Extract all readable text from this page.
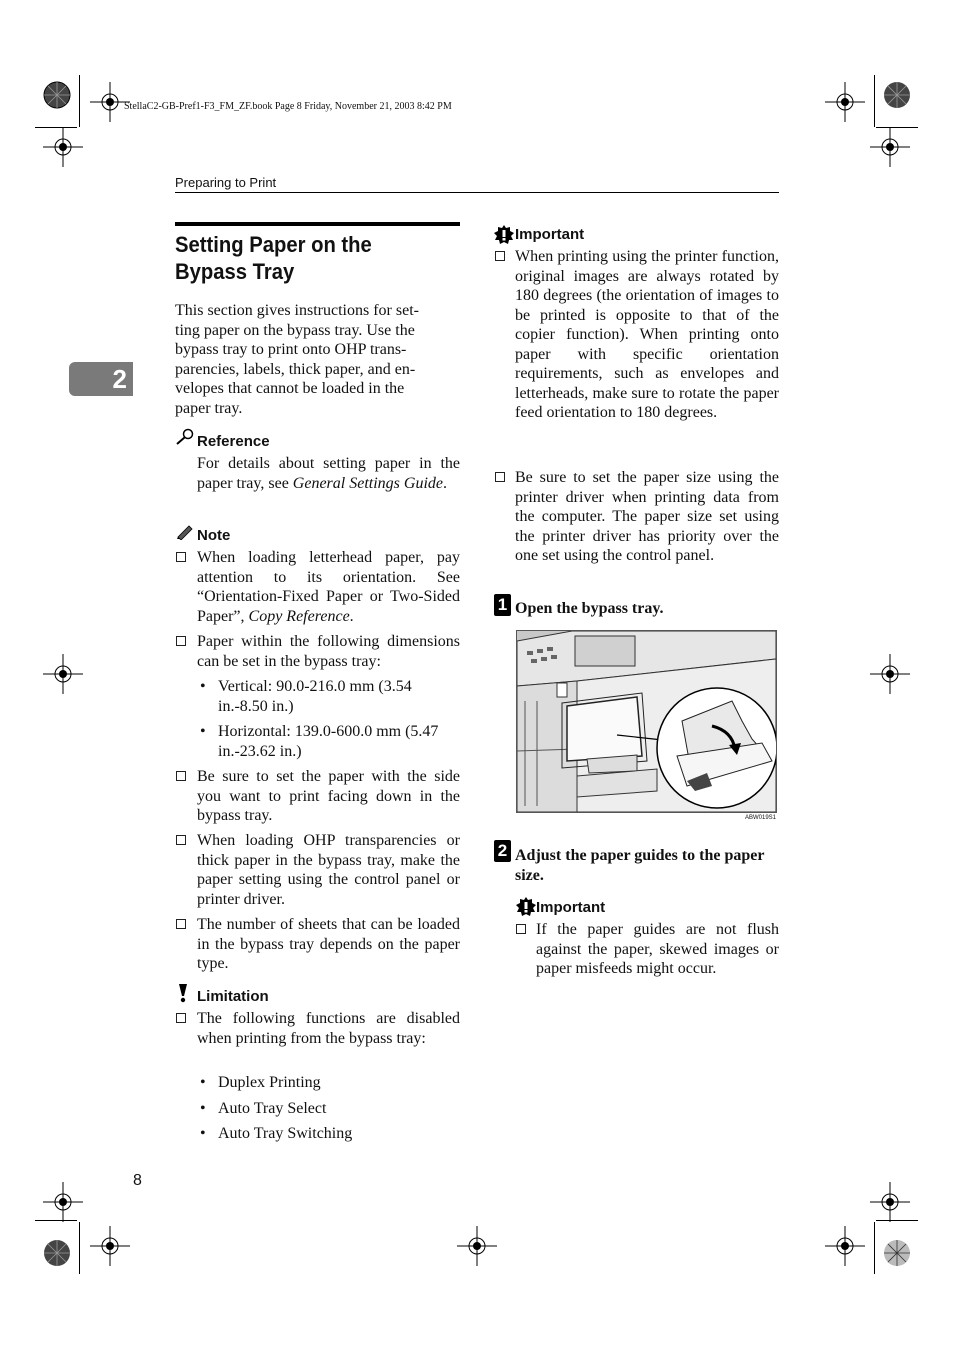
StellaC2-GB-Pref1-F3_FM_ZF.book Page 8 Friday, November 21, 2003 8:42 PM
Preparing to Print
2
Setting Paper on the Bypass Tray
This section gives instructions for set-
ting paper on the bypass tray. Use the
bypass tray to print onto OHP trans-
parencies, labels, thick paper, and en-
velopes that cannot be loaded in the
paper tray.
Reference
For details about setting paper in the paper tray, see General Settings Guide.
Note
When loading letterhead paper, pay attention to its orientation. See “Orientation-Fixed Paper or Two-Sided Paper”, Copy Reference.
Paper within the following dimensions can be set in the bypass tray:
• Vertical: 90.0-216.0 mm (3.54 in.-8.50 in.)
• Horizontal: 139.0-600.0 mm (5.47 in.-23.62 in.)
Be sure to set the paper with the side you want to print facing down in the bypass tray.
When loading OHP transparencies or thick paper in the bypass tray, make the paper setting using the control panel or printer driver.
The number of sheets that can be loaded in the bypass tray depends on the paper type.
Limitation
The following functions are disabled when printing from the bypass tray:
• Duplex Printing
• Auto Tray Select
• Auto Tray Switching
Important
When printing using the printer function, original images are always rotated by 180 degrees (the orientation of images to be printed is opposite to that of the copier function). When printing onto paper with specific orientation requirements, such as envelopes and letterheads, make sure to rotate the paper feed orientation to 180 degrees.
Be sure to set the paper size using the printer driver when printing data from the computer. The paper size set using the printer driver has priority over the one set using the control panel.
1 Open the bypass tray.
ABW019S1
2 Adjust the paper guides to the paper size.
Important
If the paper guides are not flush against the paper, skewed images or paper misfeeds might occur.
8
